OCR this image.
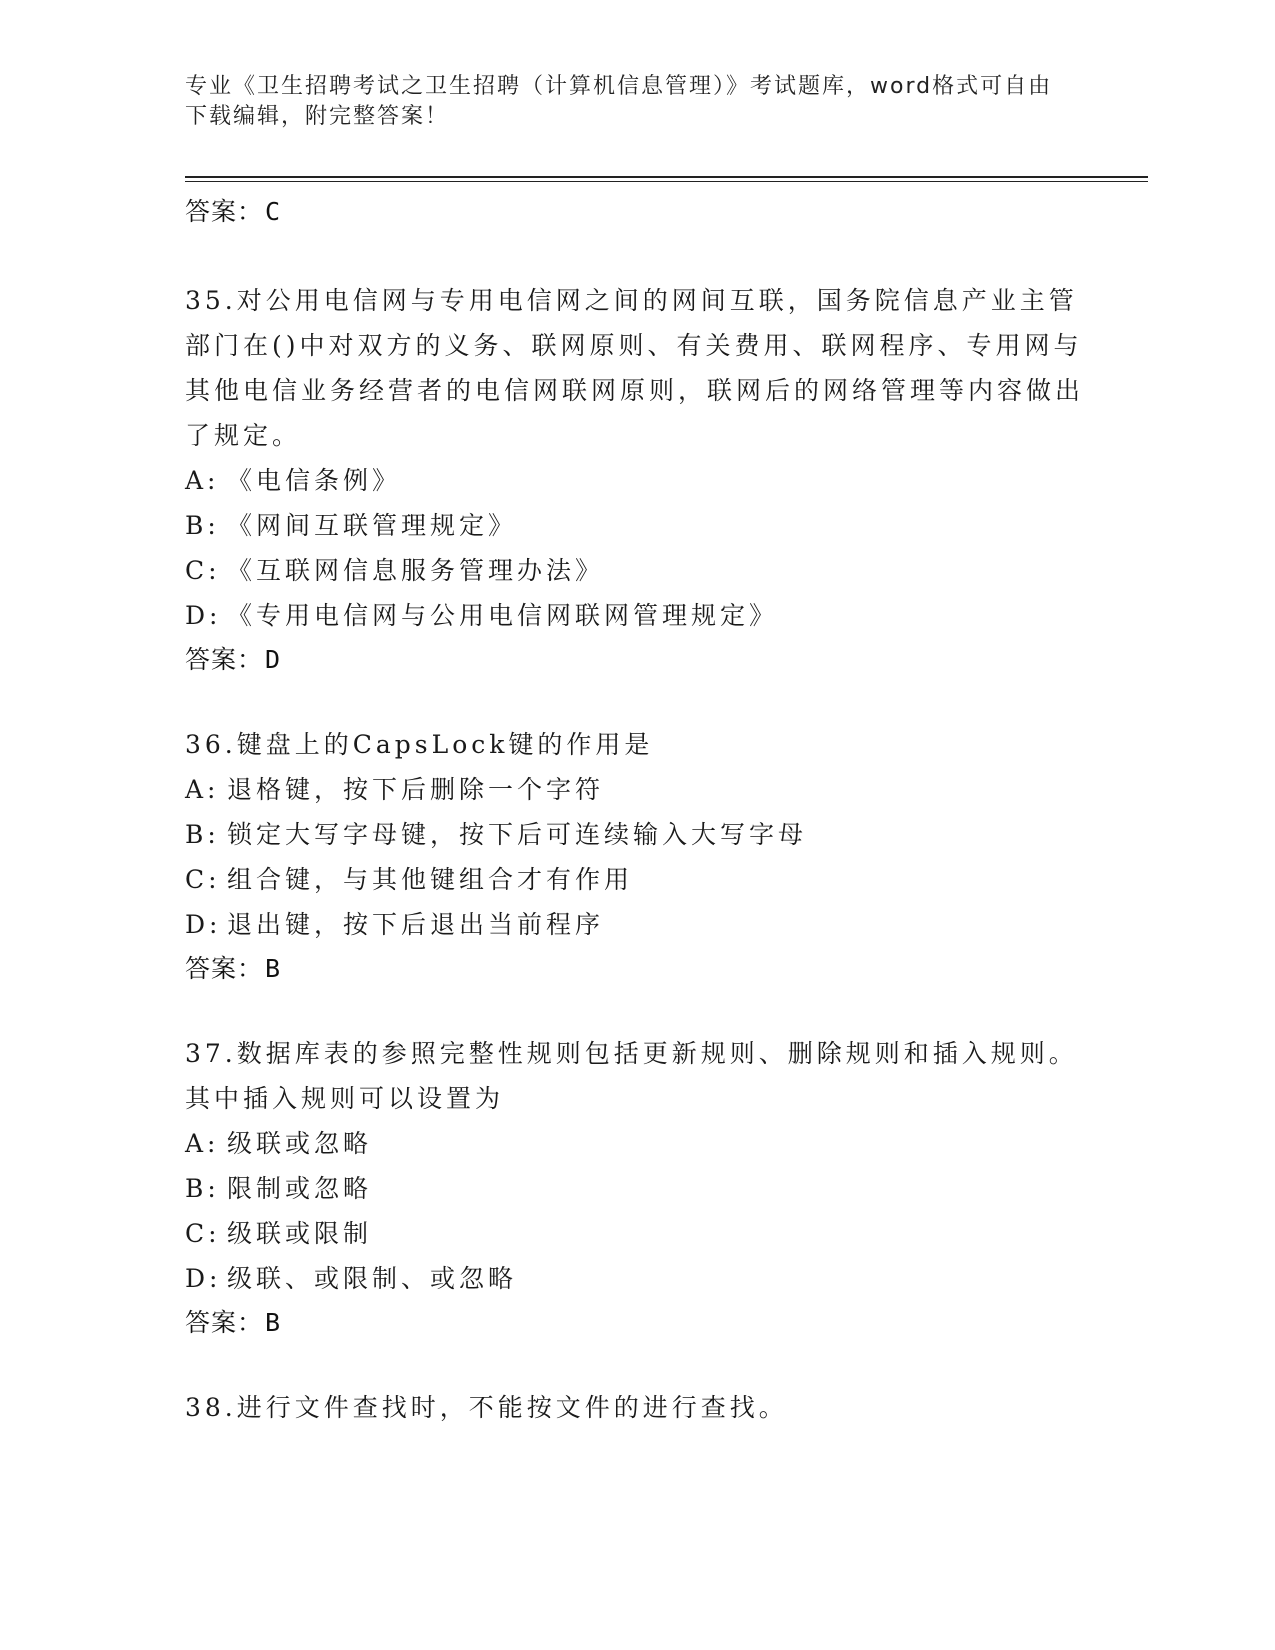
专业《卫生招聘考试之卫生招聘（计算机信息管理）》考试题库，word格式可自由下载编辑，附完整答案！

答案：C

35.对公用电信网与专用电信网之间的网间互联，国务院信息产业主管部门在()中对双方的义务、联网原则、有关费用、联网程序、专用网与其他电信业务经营者的电信网联网原则，联网后的网络管理等内容做出了规定。

A: 《电信条例》

B: 《网间互联管理规定》

C: 《互联网信息服务管理办法》

D: 《专用电信网与公用电信网联网管理规定》

答案：D

36.键盘上的CapsLock键的作用是

A: 退格键，按下后删除一个字符

B: 锁定大写字母键，按下后可连续输入大写字母

C: 组合键，与其他键组合才有作用

D: 退出键，按下后退出当前程序

答案：B

37.数据库表的参照完整性规则包括更新规则、删除规则和插入规则。其中插入规则可以设置为

A: 级联或忽略

B: 限制或忽略

C: 级联或限制

D: 级联、或限制、或忽略

答案：B

38.进行文件查找时，不能按文件的进行查找。
